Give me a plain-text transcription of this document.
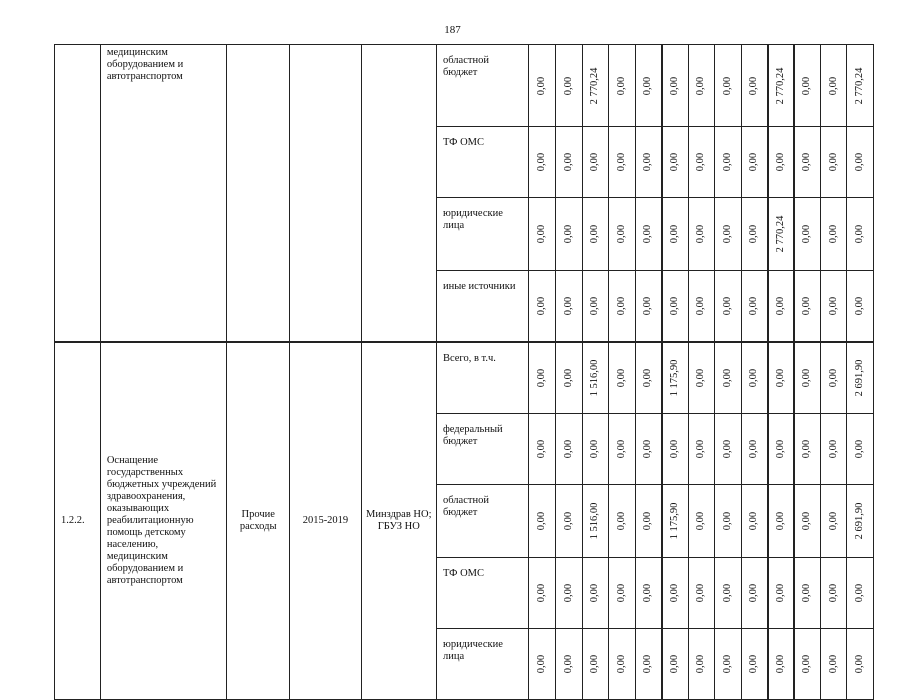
187
	медицинским оборудованием и автотранспортом				областной бюджет	0,00	0,00	2 770,24	0,00	0,00	0,00	0,00	0,00	0,00	2 770,24	0,00	0,00	2 770,24

					ТФ ОМС	0,00	0,00	0,00	0,00	0,00	0,00	0,00	0,00	0,00	0,00	0,00	0,00	0,00

					юридические лица	0,00	0,00	0,00	0,00	0,00	0,00	0,00	0,00	0,00	2 770,24	0,00	0,00	0,00

					иные источники	0,00	0,00	0,00	0,00	0,00	0,00	0,00	0,00	0,00	0,00	0,00	0,00	0,00

1.2.2.	Оснащение государственных бюджетных учреждений здравоохранения, оказывающих реабилитационную помощь детскому населению, медицинским оборудованием и автотранспортом	Прочие расходы	2015-2019	Минздрав НО; ГБУЗ НО	Всего, в т.ч.	0,00	0,00	1 516,00	0,00	0,00	1 175,90	0,00	0,00	0,00	0,00	0,00	0,00	2 691,90

					федеральный бюджет	0,00	0,00	0,00	0,00	0,00	0,00	0,00	0,00	0,00	0,00	0,00	0,00	0,00

					областной бюджет	0,00	0,00	1 516,00	0,00	0,00	1 175,90	0,00	0,00	0,00	0,00	0,00	0,00	2 691,90

					ТФ ОМС	0,00	0,00	0,00	0,00	0,00	0,00	0,00	0,00	0,00	0,00	0,00	0,00	0,00

					юридические лица	0,00	0,00	0,00	0,00	0,00	0,00	0,00	0,00	0,00	0,00	0,00	0,00	0,00
